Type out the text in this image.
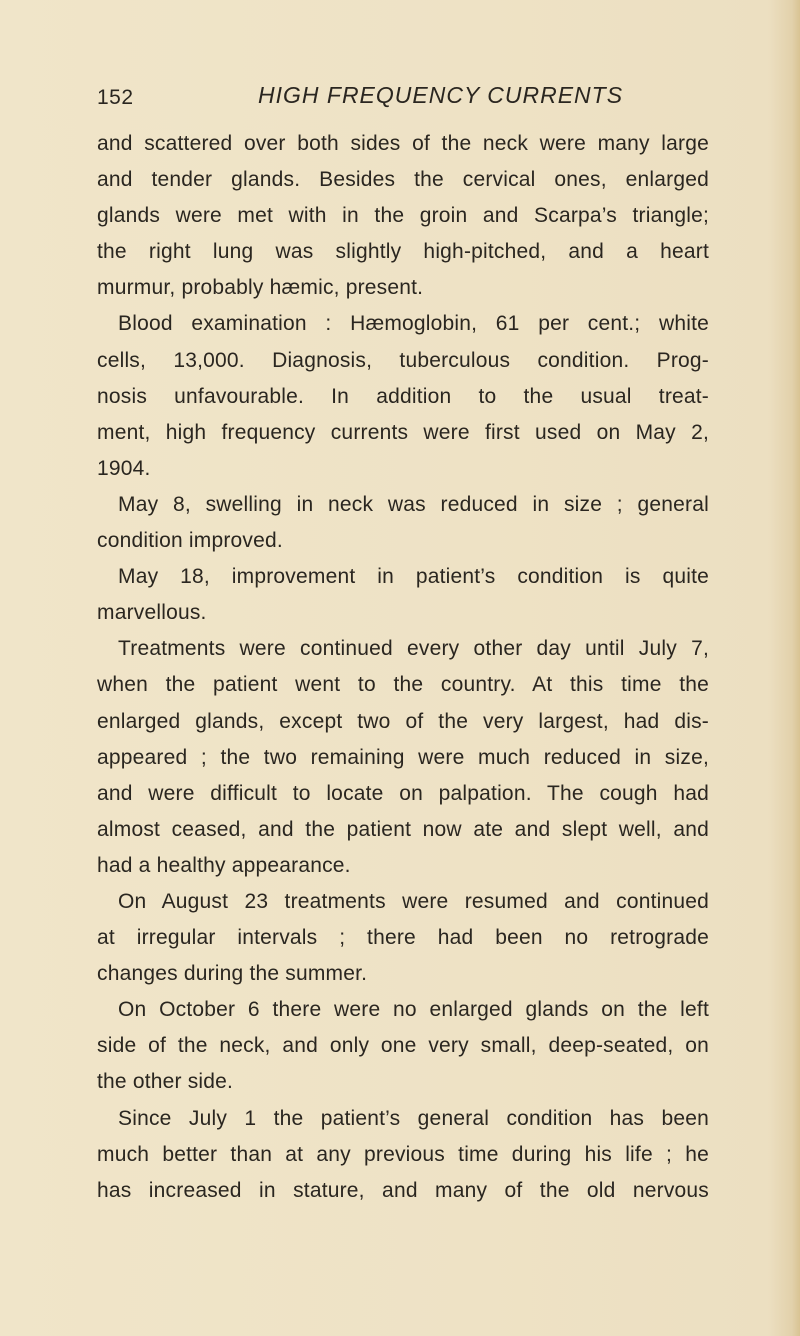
152	HIGH FREQUENCY CURRENTS
and scattered over both sides of the neck were many large
and tender glands. Besides the cervical ones, enlarged
glands were met with in the groin and Scarpa’s triangle;
the right lung was slightly high-pitched, and a heart
murmur, probably hæmic, present.
Blood examination : Hæmoglobin, 61 per cent.; white
cells, 13,000. Diagnosis, tuberculous condition. Prog-
nosis unfavourable. In addition to the usual treat-
ment, high frequency currents were first used on May 2,
1904.
May 8, swelling in neck was reduced in size ; general
condition improved.
May 18, improvement in patient’s condition is quite
marvellous.
Treatments were continued every other day until July 7,
when the patient went to the country. At this time the
enlarged glands, except two of the very largest, had dis-
appeared ; the two remaining were much reduced in size,
and were difficult to locate on palpation. The cough had
almost ceased, and the patient now ate and slept well, and
had a healthy appearance.
On August 23 treatments were resumed and continued
at irregular intervals ; there had been no retrograde
changes during the summer.
On October 6 there were no enlarged glands on the left
side of the neck, and only one very small, deep-seated, on
the other side.
Since July 1 the patient’s general condition has been
much better than at any previous time during his life ; he
has increased in stature, and many of the old nervous
